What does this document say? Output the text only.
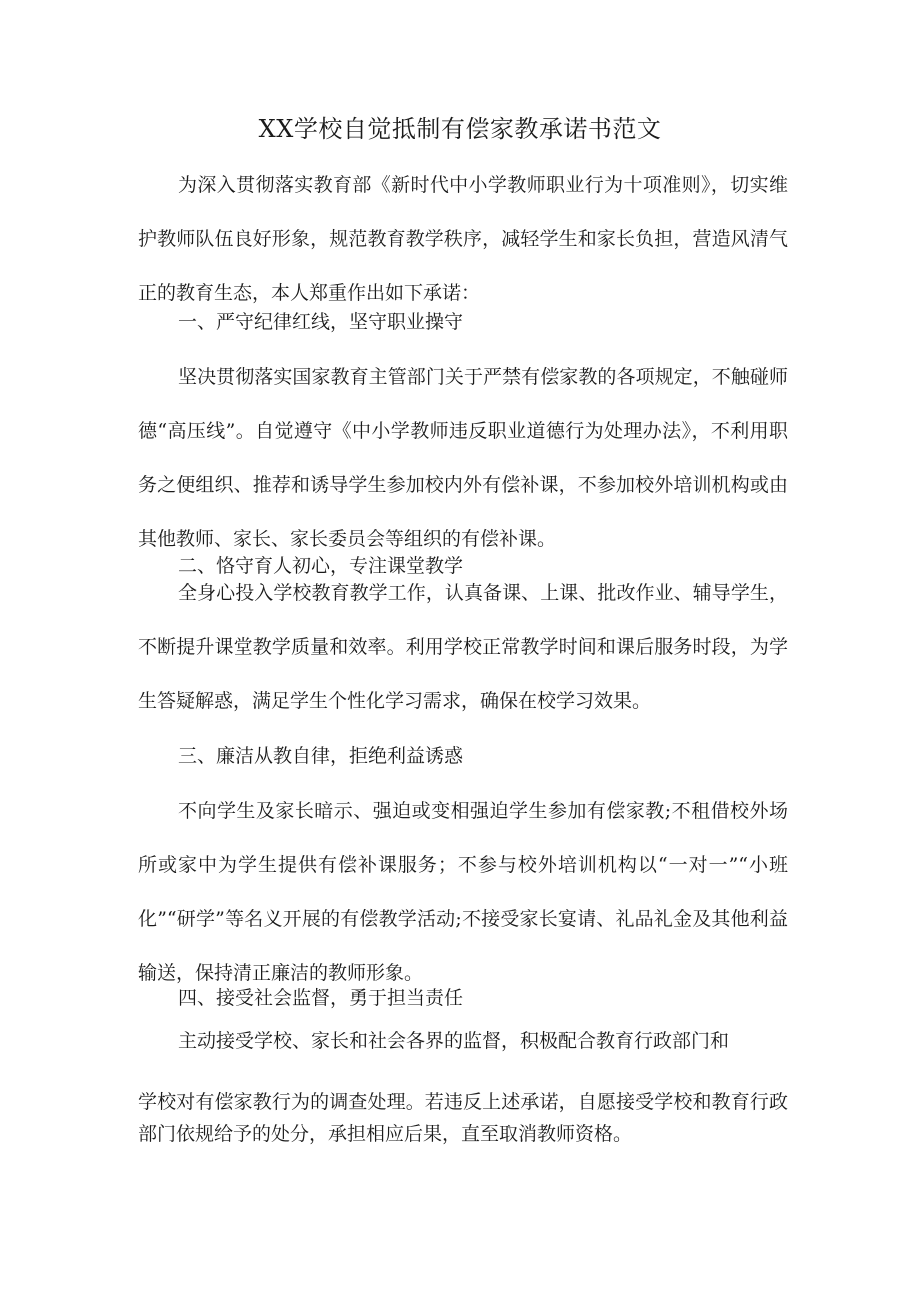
XX学校自觉抵制有偿家教承诺书范文

为深入贯彻落实教育部《新时代中小学教师职业行为十项准则》，切实维护教师队伍良好形象，规范教育教学秩序，减轻学生和家长负担，营造风清气正的教育生态，本人郑重作出如下承诺：

一、严守纪律红线，坚守职业操守

坚决贯彻落实国家教育主管部门关于严禁有偿家教的各项规定，不触碰师德“高压线”。自觉遵守《中小学教师违反职业道德行为处理办法》，不利用职务之便组织、推荐和诱导学生参加校内外有偿补课，不参加校外培训机构或由其他教师、家长、家长委员会等组织的有偿补课。

二、恪守育人初心，专注课堂教学

全身心投入学校教育教学工作，认真备课、上课、批改作业、辅导学生，不断提升课堂教学质量和效率。利用学校正常教学时间和课后服务时段，为学生答疑解惑，满足学生个性化学习需求，确保在校学习效果。

三、廉洁从教自律，拒绝利益诱惑

不向学生及家长暗示、强迫或变相强迫学生参加有偿家教;不租借校外场所或家中为学生提供有偿补课服务；不参与校外培训机构以“一对一”“小班化”“研学”等名义开展的有偿教学活动;不接受家长宴请、礼品礼金及其他利益输送，保持清正廉洁的教师形象。

四、接受社会监督，勇于担当责任

主动接受学校、家长和社会各界的监督，积极配合教育行政部门和

学校对有偿家教行为的调查处理。若违反上述承诺，自愿接受学校和教育行政部门依规给予的处分，承担相应后果，直至取消教师资格。
